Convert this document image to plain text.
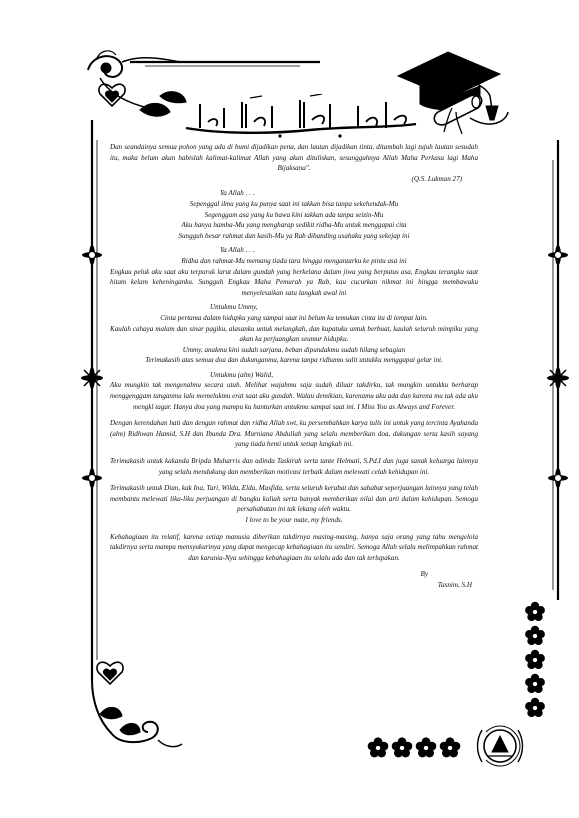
Dan seandainya semua pohon yang ada di bumi dijadikan pena, dan lautan dijadikan tinta, ditambah lagi tujuh lautan sesudah itu, maka belum akan habislah kalimat-kalimat Allah yang akan dituliskan, sesungguhnya Allah Maha Perkasa lagi Maha Bijaksana".

(Q.S. Lukman 27)

Ya Allah . . .

Sepenggal ilmu yang ku punya saat ini takkan bisa tanpa sekehendak-Mu

Segenggam asa yang ku bawa kini takkan ada tanpa seizin-Mu

Aku hanya hamba-Mu yang mengharap sedikit ridha-Mu untuk menggapai cita

Sungguh besar rahmat dan kasih-Mu ya Rab dibanding usahaku yang sekejap ini

Ya Allah . . .

Ridha dan rahmat-Mu memang tiada tara hingga mengantarku ke pintu asa ini

Engkau peluk aku saat aku terpuruk larut dalam gundah yang berkelana dalam jiwa yang berputus asa, Engkau terangku saat hitam kelam keheninganku. Sungguh Engkau Maha Pemurah ya Rab, kau cucurkan nikmat ini hingga membawaku menyelesaikan satu langkah awal ini

Untukmu Ummy,

Cinta pertama dalam hidupku yang sampai saat ini belum ku temukan cinta itu di tempat lain.

Kaulah cahaya malam dan sinar pagiku, alasanku untuk melangkah, dan kupatuku untuk berbuat, kaulah seluruh mimpiku yang akan ku perjuangkan seumur hidupku.

Ummy, anakmu kini sudah sarjana, beban dipundakmu sudah hilang sebagian

Terimakasih atas semua doa dan dukunganmu, karena tanpa ridhamu sulit untukku menggapai gelar ini.

Untukmu (alm) Walid,

Aku mungkin tak mengenalmu secara utuh. Melihat wajahmu saja sudah diluar takdirku, tak mungkin untukku berharap menggenggam tanganmu lalu memelukmu erat saat aku gundah. Walau demikian, karenamu aku ada dan karena mu tak ada aku mengkl tagar. Hanya doa yang mampu ku hanturkan untukmu sampai saat ini. I Miss You as Always and Forever.

Dengan kerendahan hati dan dengan rahmat dan ridha Allah swt, ku persembahkan karya tulis ini untuk yang tercinta Ayahanda (alm) Ridhwan Hamid, S.H dan Ibunda Dra. Murniana Abdullah yang selalu memberikan doa, dukungan serta kasih sayang yang tiada henti untuk setiap langkah ini.

Terimakasih untuk kakanda Bripda Muharris dan adinda Taskirah serta tante Helmati, S.Pd.I dan juga sanak keluarga lainnya yang selalu mendukung dan memberikan motivasi terbaik dalam melewati celah kehidupan ini.

Terimakasih untuk Dian, kak Ina, Tari, Wilda, Elda, Masfida, serta seluruh kerabat dan sahabat seperjuangan lainnya yang telah membantu melewati lika-liku perjuangan di bangku kuliah serta banyak memberikan nilai dan arti dalam kehidupan. Semoga persahabatan ini tak lekang oleh waktu.

I love to be your mate, my friends.

Kebahagiaan itu relatif, karena setiap manusia diberikan takdirnya masing-masing, hanya saja orang yang tahu mengelola takdirnya serta mampu mensyukurinya yang dapat mengecap kebahagiaan itu sendiri. Semoga Allah selalu melimpahkan rahmat dan karunia-Nya sehingga kebahagiaan itu selalu ada dan tak terlupakan.

By

Tasnim, S.H
